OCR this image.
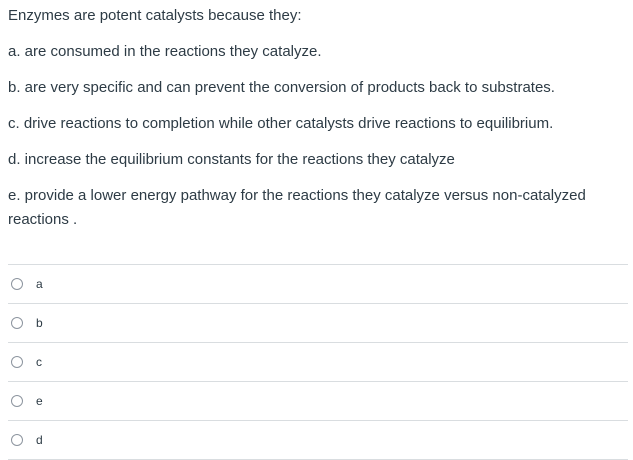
Enzymes are potent catalysts because they:

a. are consumed in the reactions they catalyze.

b. are very specific and can prevent the conversion of products back to substrates.

c. drive reactions to completion while other catalysts drive reactions to equilibrium.

d. increase the equilibrium constants for the reactions they catalyze

e. provide a lower energy pathway for the reactions they catalyze versus non-catalyzed reactions .

a
b
c
e
d
